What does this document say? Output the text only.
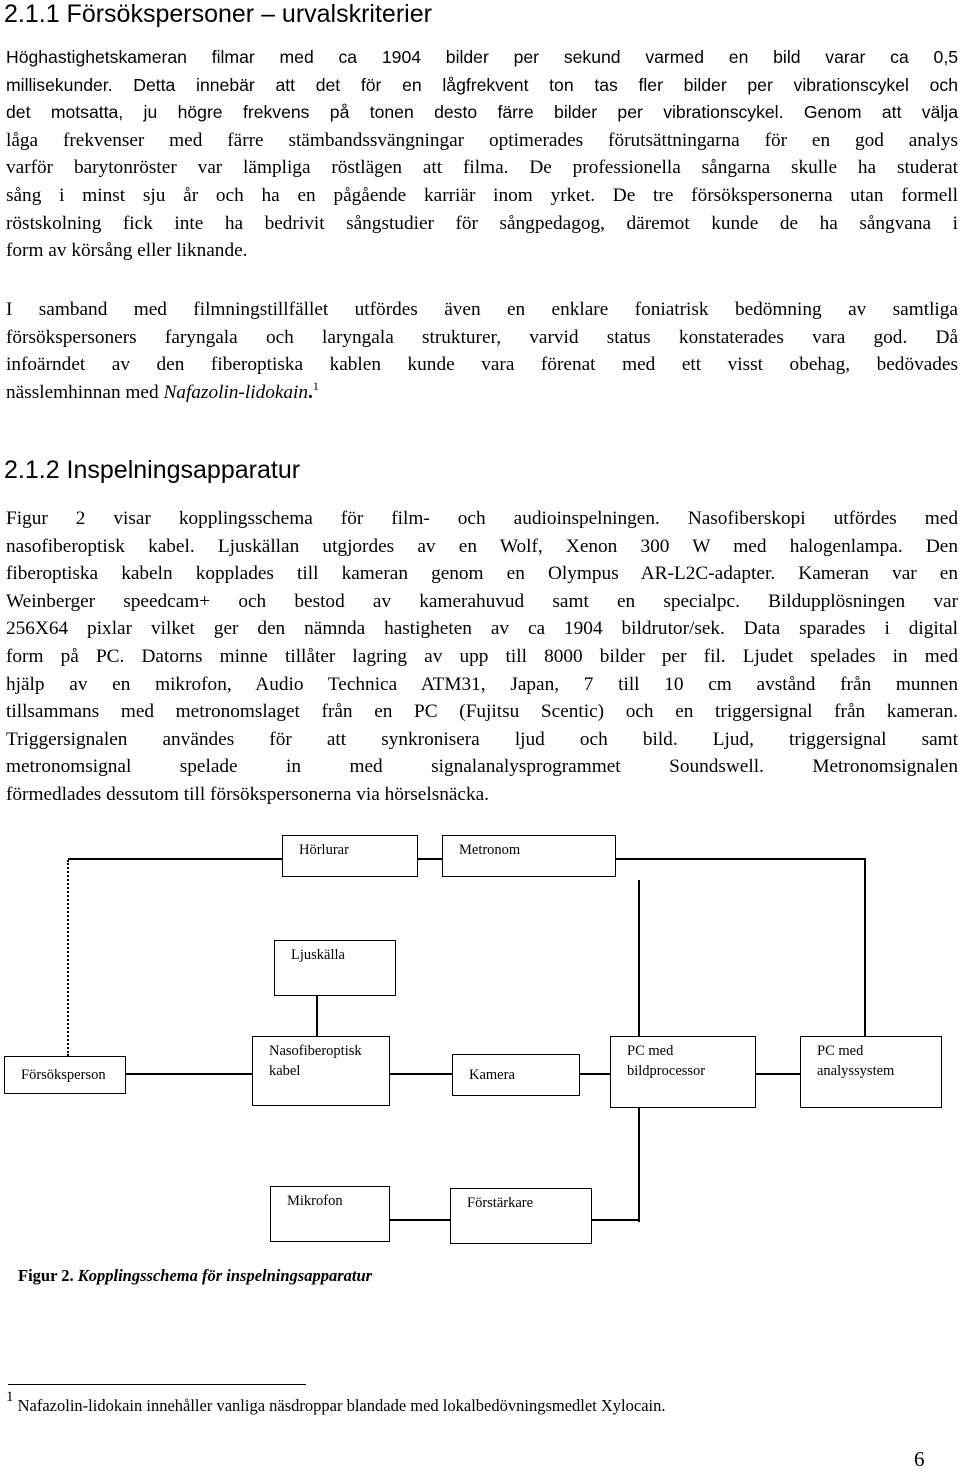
2.1.1 Försökspersoner – urvalskriterier
Höghastighetskameran filmar med ca 1904 bilder per sekund varmed en bild varar ca 0,5
millisekunder. Detta innebär att det för en lågfrekvent ton tas fler bilder per vibrationscykel och
det motsatta, ju högre frekvens på tonen desto färre bilder per vibrationscykel. Genom att välja
låga frekvenser med färre stämbandssvängningar optimerades förutsättningarna för en god analys
varför barytonröster var lämpliga röstlägen att filma. De professionella sångarna skulle ha studerat
sång i minst sju år och ha en pågående karriär inom yrket. De tre försökspersonerna utan formell
röstskolning fick inte ha bedrivit sångstudier för sångpedagog, däremot kunde de ha sångvana i
form av körsång eller liknande.
I samband med filmningstillfället utfördes även en enklare foniatrisk bedömning av samtliga
försökspersoners faryngala och laryngala strukturer, varvid status konstaterades vara god. Då
infoärndet av den fiberoptiska kablen kunde vara förenat med ett visst obehag, bedövades
nässlemhinnan med Nafazolin-lidokain.$^1$
2.1.2 Inspelningsapparatur
Figur 2 visar kopplingsschema för film- och audioinspelningen. Nasofiberskopi utfördes med
nasofiberoptisk kabel. Ljuskällan utgjordes av en Wolf, Xenon 300 W med halogenlampa. Den
fiberoptiska kabeln kopplades till kameran genom en Olympus AR-L2C-adapter. Kameran var en
Weinberger speedcam+ och bestod av kamerahuvud samt en specialpc. Bildupplösningen var
256X64 pixlar vilket ger den nämnda hastigheten av ca 1904 bildrutor/sek. Data sparades i digital
form på PC. Datorns minne tillåter lagring av upp till 8000 bilder per fil. Ljudet spelades in med
hjälp av en mikrofon, Audio Technica ATM31, Japan, 7 till 10 cm avstånd från munnen
tillsammans med metronomslaget från en PC (Fujitsu Scentic) och en triggersignal från kameran.
Triggersignalen användes för att synkronisera ljud och bild. Ljud, triggersignal samt
metronomsignal spelade in med signalanalysprogrammet Soundswell. Metronomsignalen
förmedlades dessutom till försökspersonerna via hörselsnäcka.
Hörlurar	Metronom
Ljuskälla
Försöksperson
Nasofiberoptisk
kabel	Kamera
PC med
bildprocessor
PC med
analyssystem
Mikrofon	Förstärkare
Figur 2. Kopplingsschema för inspelningsapparatur
$^1$ Nafazolin-lidokain innehåller vanliga näsdroppar blandade med lokalbedövningsmedlet Xylocain.
6
